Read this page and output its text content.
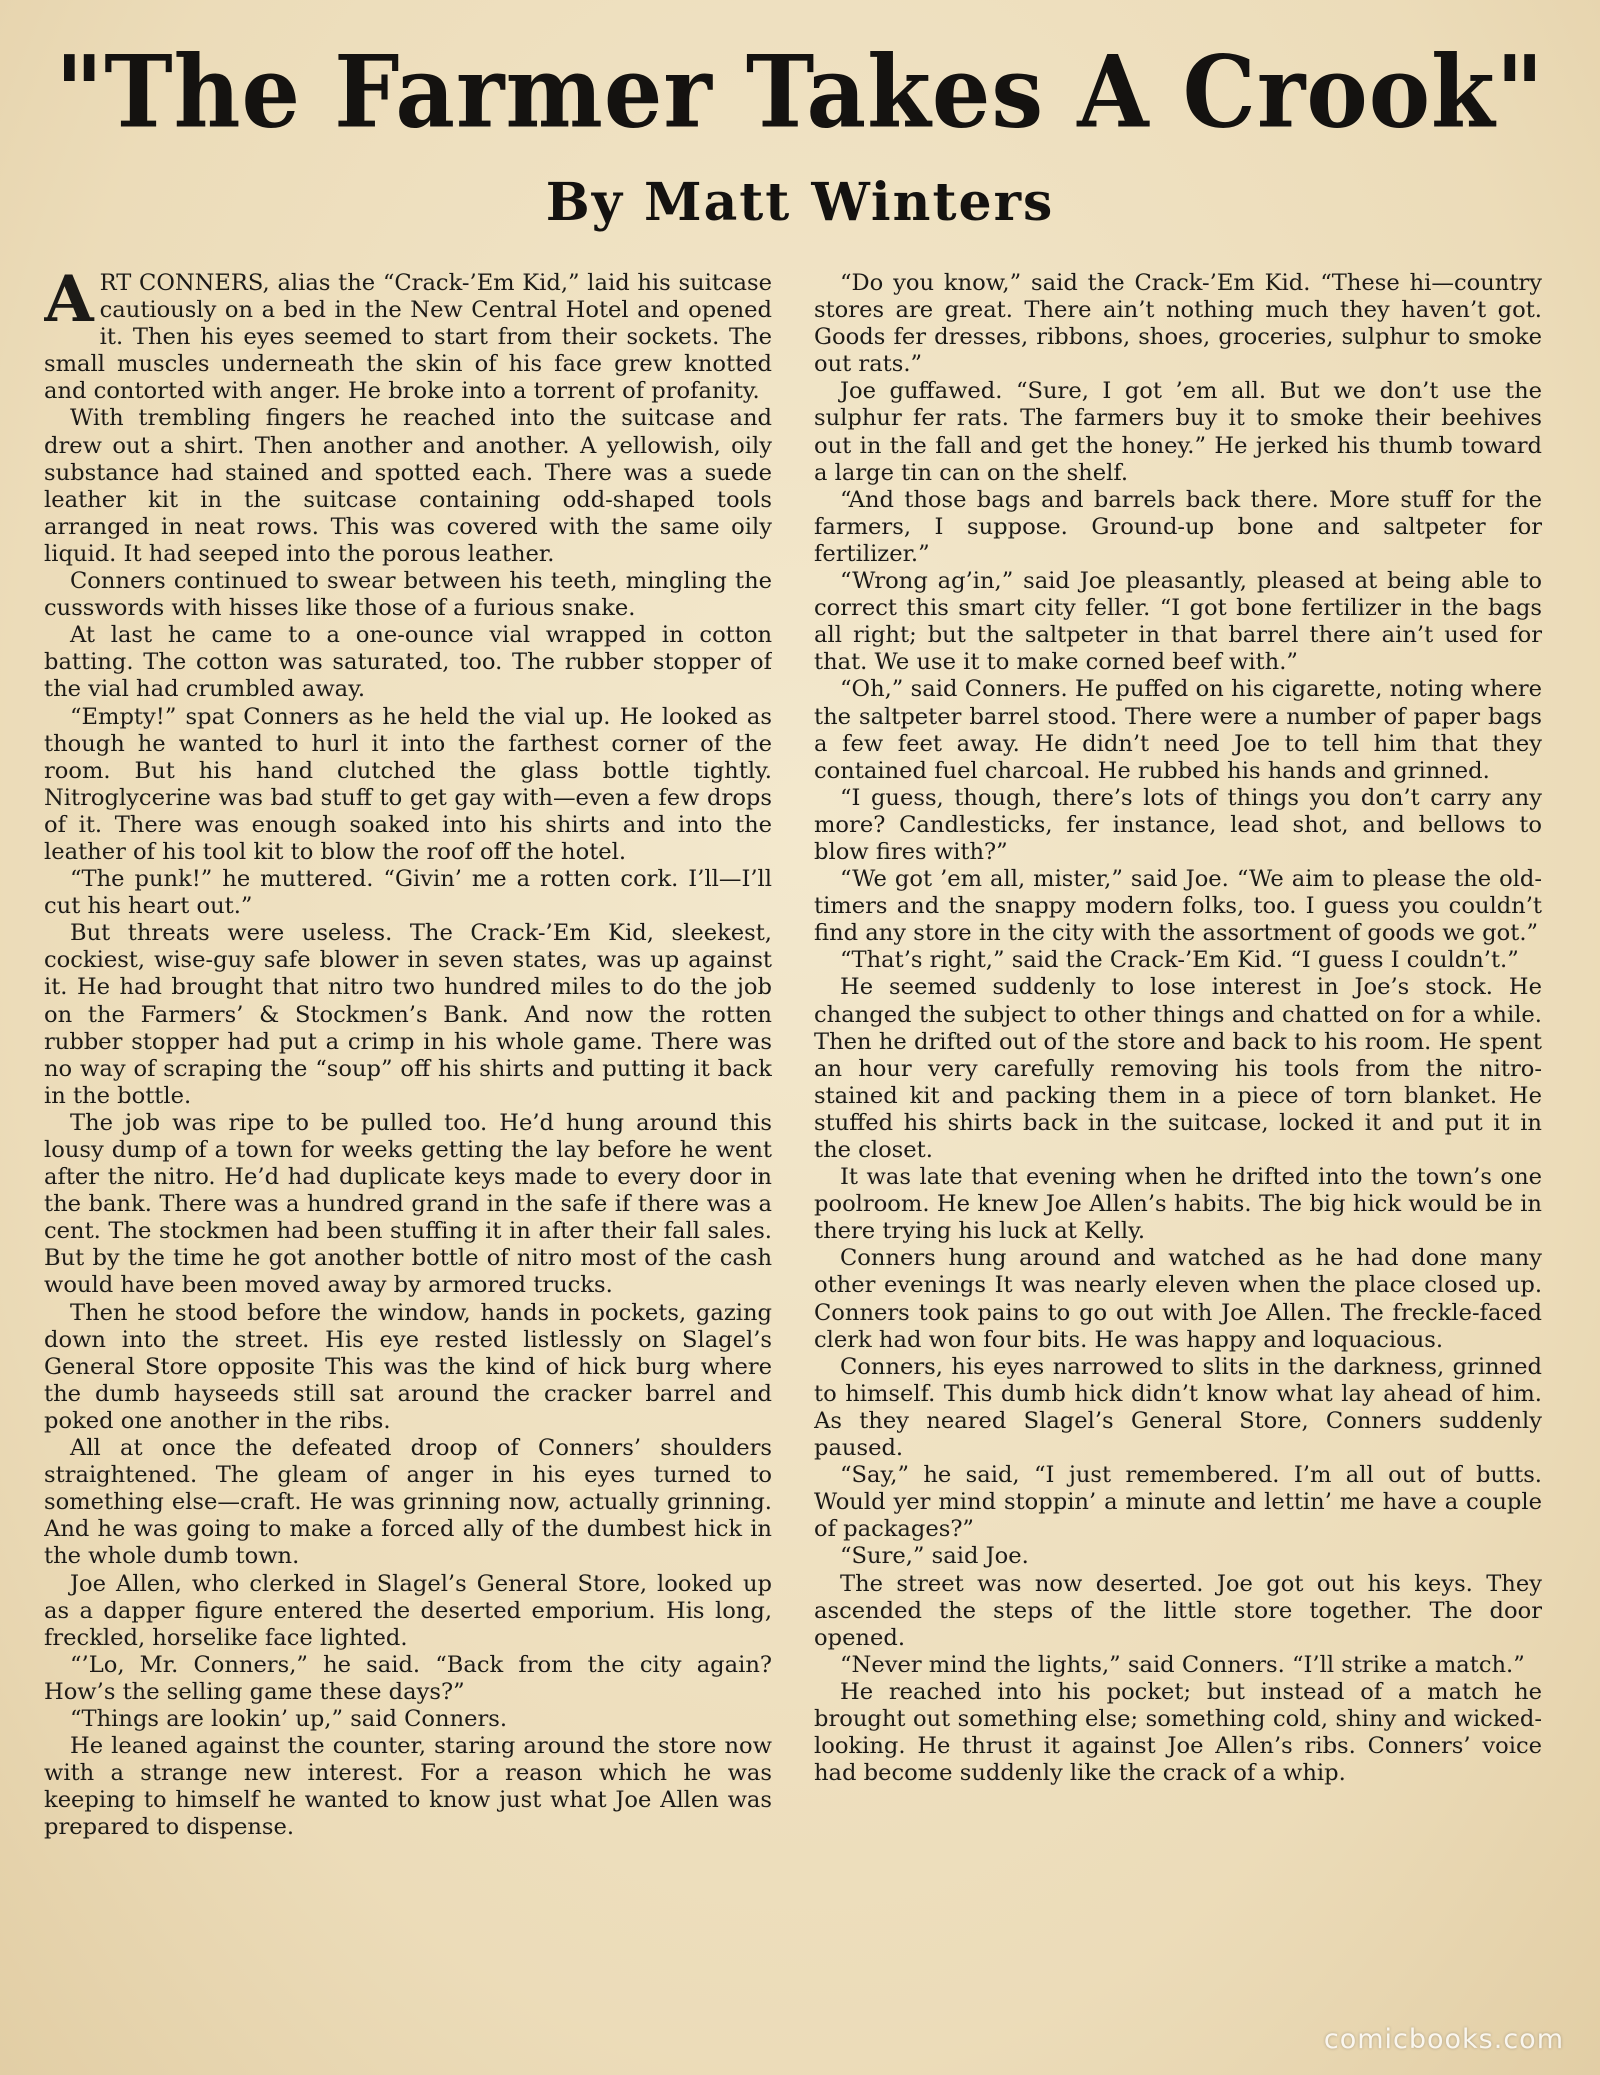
"The Farmer Takes A Crook"
By Matt Winters

ART CONNERS, alias the “Crack-’Em Kid,” laid his suitcase cautiously on a bed in the New Central Hotel and opened it. Then his eyes seemed to start from their sockets. The small muscles underneath the skin of his face grew knotted and contorted with anger. He broke into a torrent of profanity.

With trembling fingers he reached into the suitcase and drew out a shirt. Then another and another. A yellowish, oily substance had stained and spotted each. There was a suede leather kit in the suitcase containing odd-shaped tools arranged in neat rows. This was covered with the same oily liquid. It had seeped into the porous leather.

Conners continued to swear between his teeth, mingling the cusswords with hisses like those of a furious snake.

At last he came to a one-ounce vial wrapped in cotton batting. The cotton was saturated, too. The rubber stopper of the vial had crumbled away.

“Empty!” spat Conners as he held the vial up. He looked as though he wanted to hurl it into the farthest corner of the room. But his hand clutched the glass bottle tightly. Nitroglycerine was bad stuff to get gay with—even a few drops of it. There was enough soaked into his shirts and into the leather of his tool kit to blow the roof off the hotel.

“The punk!” he muttered. “Givin’ me a rotten cork. I’ll—I’ll cut his heart out.”

But threats were useless. The Crack-’Em Kid, sleekest, cockiest, wise-guy safe blower in seven states, was up against it. He had brought that nitro two hundred miles to do the job on the Farmers’ & Stockmen’s Bank. And now the rotten rubber stopper had put a crimp in his whole game. There was no way of scraping the “soup” off his shirts and putting it back in the bottle.

The job was ripe to be pulled too. He’d hung around this lousy dump of a town for weeks getting the lay before he went after the nitro. He’d had duplicate keys made to every door in the bank. There was a hundred grand in the safe if there was a cent. The stockmen had been stuffing it in after their fall sales. But by the time he got another bottle of nitro most of the cash would have been moved away by armored trucks.

Then he stood before the window, hands in pockets, gazing down into the street. His eye rested listlessly on Slagel’s General Store opposite This was the kind of hick burg where the dumb hayseeds still sat around the cracker barrel and poked one another in the ribs.

All at once the defeated droop of Conners’ shoulders straightened. The gleam of anger in his eyes turned to something else—craft. He was grinning now, actually grinning. And he was going to make a forced ally of the dumbest hick in the whole dumb town.

Joe Allen, who clerked in Slagel’s General Store, looked up as a dapper figure entered the deserted emporium. His long, freckled, horselike face lighted.

“’Lo, Mr. Conners,” he said. “Back from the city again? How’s the selling game these days?”

“Things are lookin’ up,” said Conners.

He leaned against the counter, staring around the store now with a strange new interest. For a reason which he was keeping to himself he wanted to know just what Joe Allen was prepared to dispense.

“Do you know,” said the Crack-’Em Kid. “These hi—country stores are great. There ain’t nothing much they haven’t got. Goods fer dresses, ribbons, shoes, groceries, sulphur to smoke out rats.”

Joe guffawed. “Sure, I got ’em all. But we don’t use the sulphur fer rats. The farmers buy it to smoke their beehives out in the fall and get the honey.” He jerked his thumb toward a large tin can on the shelf.

“And those bags and barrels back there. More stuff for the farmers, I suppose. Ground-up bone and saltpeter for fertilizer.”

“Wrong ag’in,” said Joe pleasantly, pleased at being able to correct this smart city feller. “I got bone fertilizer in the bags all right; but the saltpeter in that barrel there ain’t used for that. We use it to make corned beef with.”

“Oh,” said Conners. He puffed on his cigarette, noting where the saltpeter barrel stood. There were a number of paper bags a few feet away. He didn’t need Joe to tell him that they contained fuel charcoal. He rubbed his hands and grinned.

“I guess, though, there’s lots of things you don’t carry any more? Candlesticks, fer instance, lead shot, and bellows to blow fires with?”

“We got ’em all, mister,” said Joe. “We aim to please the old-timers and the snappy modern folks, too. I guess you couldn’t find any store in the city with the assortment of goods we got.”

“That’s right,” said the Crack-’Em Kid. “I guess I couldn’t.”

He seemed suddenly to lose interest in Joe’s stock. He changed the subject to other things and chatted on for a while. Then he drifted out of the store and back to his room. He spent an hour very carefully removing his tools from the nitro-stained kit and packing them in a piece of torn blanket. He stuffed his shirts back in the suitcase, locked it and put it in the closet.

It was late that evening when he drifted into the town’s one poolroom. He knew Joe Allen’s habits. The big hick would be in there trying his luck at Kelly.

Conners hung around and watched as he had done many other evenings It was nearly eleven when the place closed up. Conners took pains to go out with Joe Allen. The freckle-faced clerk had won four bits. He was happy and loquacious.

Conners, his eyes narrowed to slits in the darkness, grinned to himself. This dumb hick didn’t know what lay ahead of him. As they neared Slagel’s General Store, Conners suddenly paused.

“Say,” he said, “I just remembered. I’m all out of butts. Would yer mind stoppin’ a minute and lettin’ me have a couple of packages?”

“Sure,” said Joe.

The street was now deserted. Joe got out his keys. They ascended the steps of the little store together. The door opened.

“Never mind the lights,” said Conners. “I’ll strike a match.”

He reached into his pocket; but instead of a match he brought out something else; something cold, shiny and wicked-looking. He thrust it against Joe Allen’s ribs. Conners’ voice had become suddenly like the crack of a whip.

comicbooks.com
